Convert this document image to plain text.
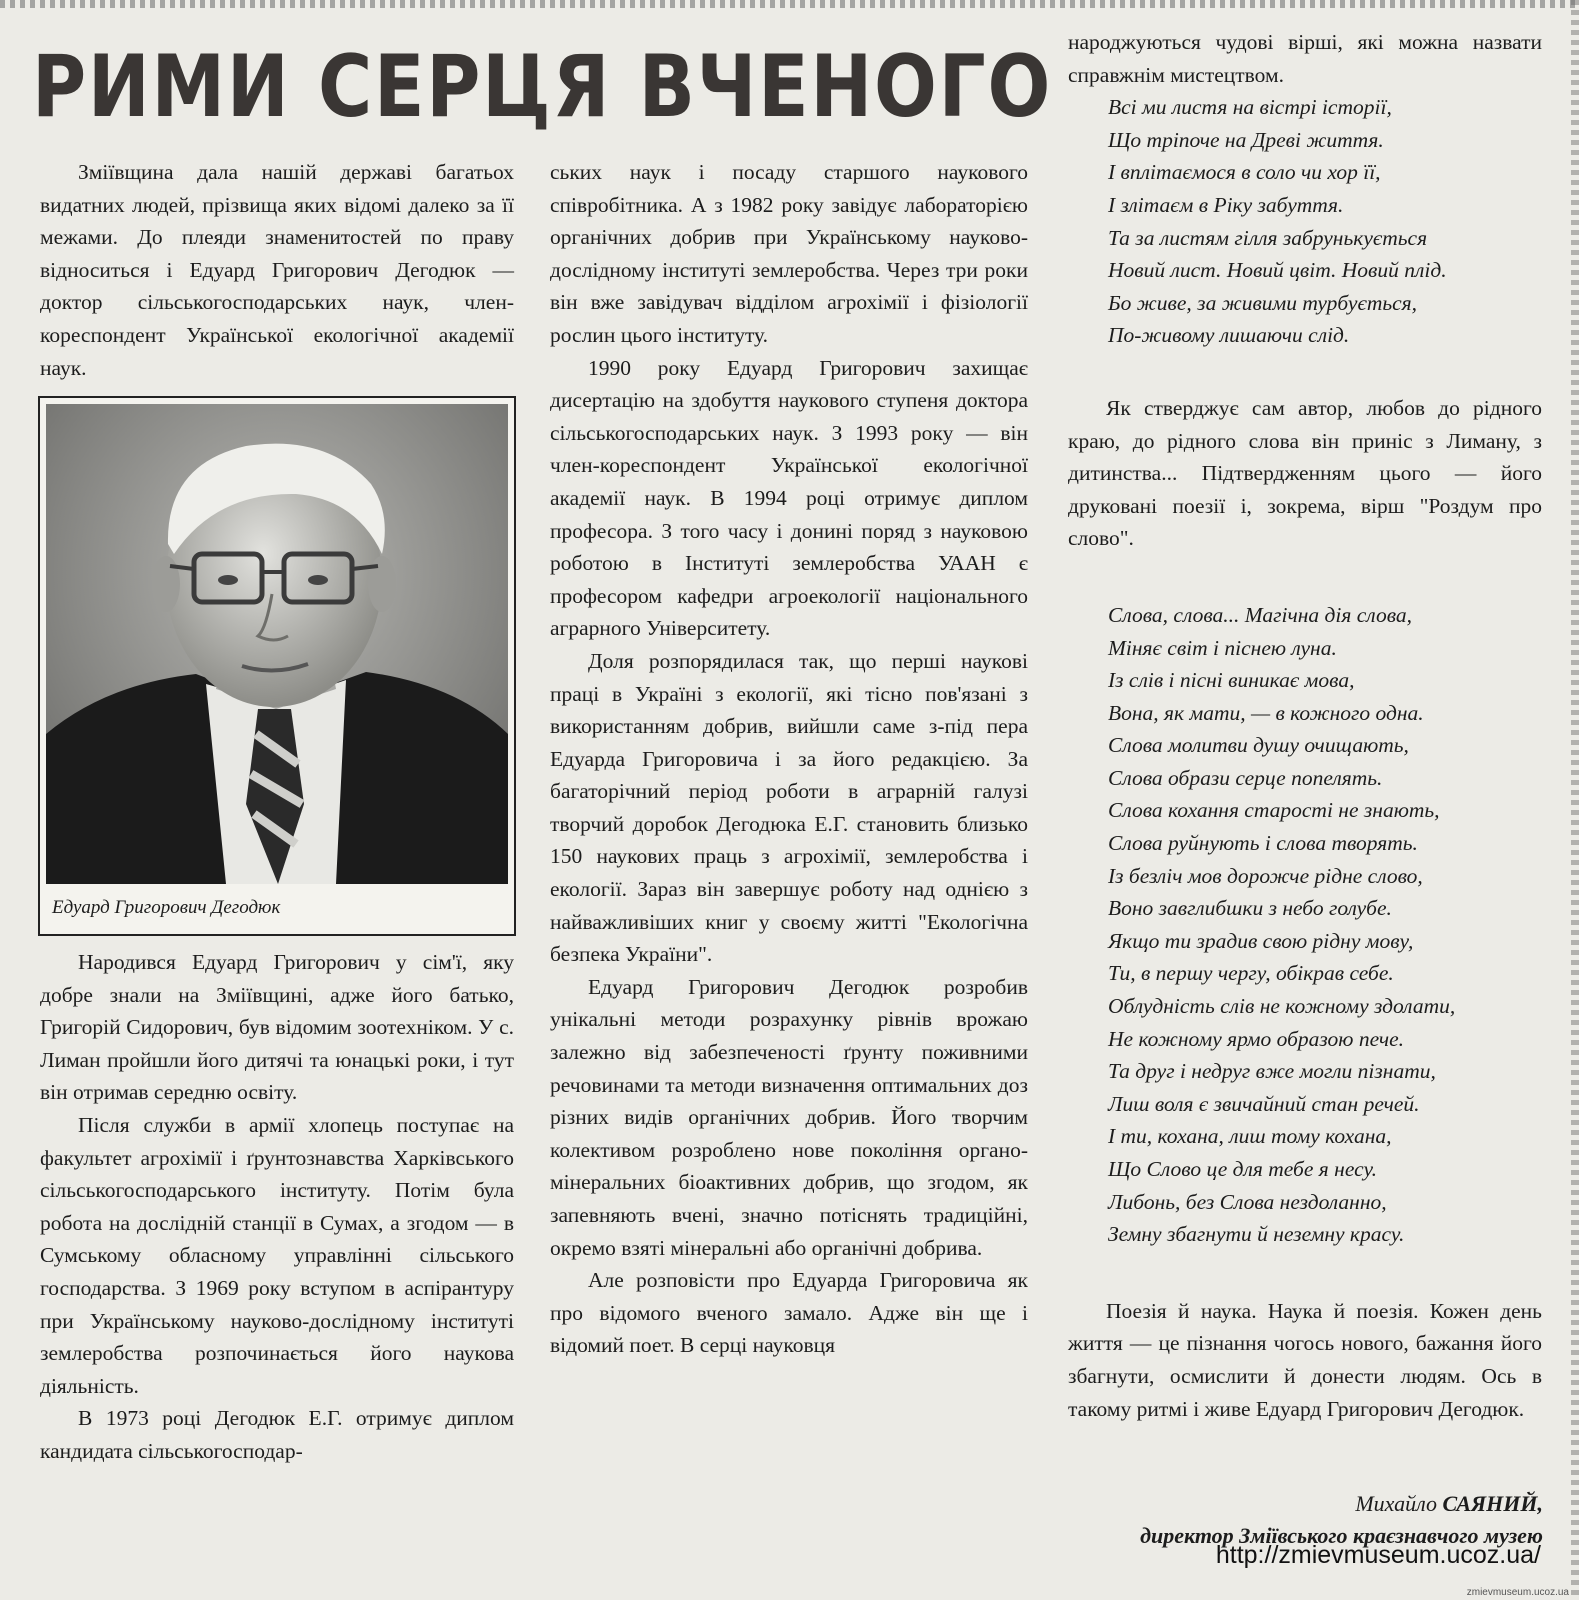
РИМИ СЕРЦЯ ВЧЕНОГО

Зміївщина дала нашій державі багатьох видатних людей, прізвища яких відомі далеко за її межами. До плеяди знаменитостей по праву відноситься і Едуард Григорович Дегодюк — доктор сільськогосподарських наук, член-кореспондент Української екологічної академії наук.

Едуард Григорович Дегодюк

Народився Едуард Григорович у сім'ї, яку добре знали на Зміївщині, адже його батько, Григорій Сидорович, був відомим зоотехніком. У с. Лиман пройшли його дитячі та юнацькі роки, і тут він отримав середню освіту.

Після служби в армії хлопець поступає на факультет агрохімії і ґрунтознавства Харківського сільськогосподарського інституту. Потім була робота на дослідній станції в Сумах, а згодом — в Сумському обласному управлінні сільського господарства. З 1969 року вступом в аспірантуру при Українському науково-дослідному інституті землеробства розпочинається його наукова діяльність.

В 1973 році Дегодюк Е.Г. отримує диплом кандидата сільськогосподар-

ських наук і посаду старшого наукового співробітника. А з 1982 року завідує лабораторією органічних добрив при Українському науково-дослідному інституті землеробства. Через три роки він вже завідувач відділом агрохімії і фізіології рослин цього інституту.

1990 року Едуард Григорович захищає дисертацію на здобуття наукового ступеня доктора сільськогосподарських наук. З 1993 року — він член-кореспондент Української екологічної академії наук. В 1994 році отримує диплом професора. З того часу і донині поряд з науковою роботою в Інституті землеробства УААН є професором кафедри агроекології національного аграрного Університету.

Доля розпорядилася так, що перші наукові праці в Україні з екології, які тісно пов'язані з використанням добрив, вийшли саме з-під пера Едуарда Григоровича і за його редакцією. За багаторічний період роботи в аграрній галузі творчий доробок Дегодюка Е.Г. становить близько 150 наукових праць з агрохімії, землеробства і екології. Зараз він завершує роботу над однією з найважливіших книг у своєму житті "Екологічна безпека України".

Едуард Григорович Дегодюк розробив унікальні методи розрахунку рівнів врожаю залежно від забезпеченості ґрунту поживними речовинами та методи визначення оптимальних доз різних видів органічних добрив. Його творчим колективом розроблено нове покоління органо-мінеральних біоактивних добрив, що згодом, як запевняють вчені, значно потіснять традиційні, окремо взяті мінеральні або органічні добрива.

Але розповісти про Едуарда Григоровича як про відомого вченого замало. Адже він ще і відомий поет. В серці науковця

народжуються чудові вірші, які можна назвати справжнім мистецтвом.

Всі ми листя на вістрі історії,
Що тріпоче на Древі життя.
І вплітаємося в соло чи хор її,
І злітаєм в Ріку забуття.
Та за листям гілля забрунькується
Новий лист. Новий цвіт. Новий плід.
Бо живе, за живими турбується,
По-живому лишаючи слід.

Як стверджує сам автор, любов до рідного краю, до рідного слова він приніс з Лиману, з дитинства... Підтвердженням цього — його друковані поезії і, зокрема, вірш "Роздум про слово".

Слова, слова... Магічна дія слова,
Міняє світ і піснею луна.
Із слів і пісні виникає мова,
Вона, як мати, — в кожного одна.
Слова молитви душу очищають,
Слова образи серце попелять.
Слова кохання старості не знають,
Слова руйнують і слова творять.
Із безліч мов дорожче рідне слово,
Воно завглибшки з небо голубе.
Якщо ти зрадив свою рідну мову,
Ти, в першу чергу, обікрав себе.
Облудність слів не кожному здолати,
Не кожному ярмо образою пече.
Та друг і недруг вже могли пізнати,
Лиш воля є звичайний стан речей.
І ти, кохана, лиш тому кохана,
Що Слово це для тебе я несу.
Либонь, без Слова нездоланно,
Земну збагнути й неземну красу.

Поезія й наука. Наука й поезія. Кожен день життя — це пізнання чогось нового, бажання його збагнути, осмислити й донести людям. Ось в такому ритмі і живе Едуард Григорович Дегодюк.

Михайло САЯНИЙ,
директор Зміївського краєзнавчого музею
http://zmievmuseum.ucoz.ua/
zmievmuseum.ucoz.ua
